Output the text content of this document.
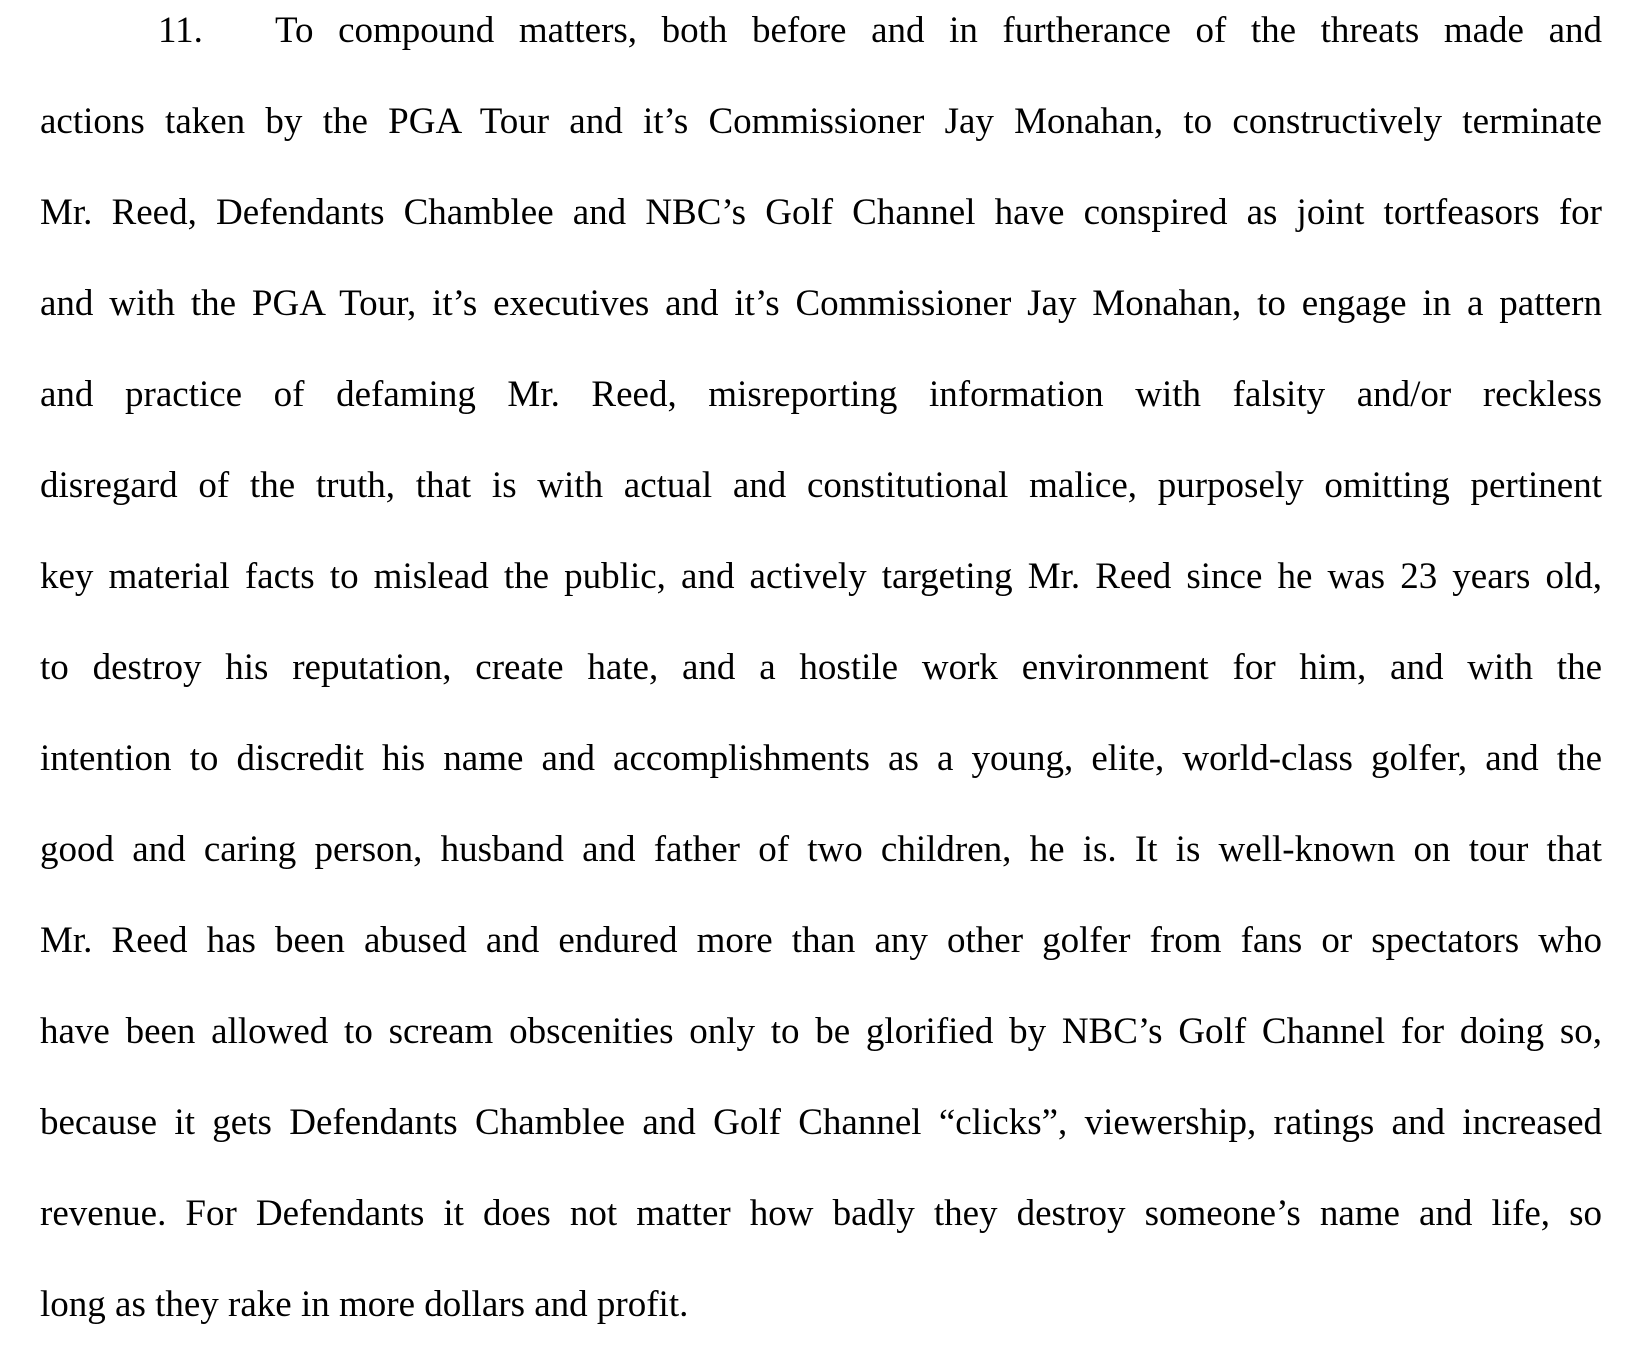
11. To compound matters, both before and in furtherance of the threats made and
actions taken by the PGA Tour and it’s Commissioner Jay Monahan, to constructively terminate
Mr. Reed, Defendants Chamblee and NBC’s Golf Channel have conspired as joint tortfeasors for
and with the PGA Tour, it’s executives and it’s Commissioner Jay Monahan, to engage in a pattern
and practice of defaming Mr. Reed, misreporting information with falsity and/or reckless
disregard of the truth, that is with actual and constitutional malice, purposely omitting pertinent
key material facts to mislead the public, and actively targeting Mr. Reed since he was 23 years old,
to destroy his reputation, create hate, and a hostile work environment for him, and with the
intention to discredit his name and accomplishments as a young, elite, world-class golfer, and the
good and caring person, husband and father of two children, he is. It is well-known on tour that
Mr. Reed has been abused and endured more than any other golfer from fans or spectators who
have been allowed to scream obscenities only to be glorified by NBC’s Golf Channel for doing so,
because it gets Defendants Chamblee and Golf Channel “clicks”, viewership, ratings and increased
revenue. For Defendants it does not matter how badly they destroy someone’s name and life, so
long as they rake in more dollars and profit.
